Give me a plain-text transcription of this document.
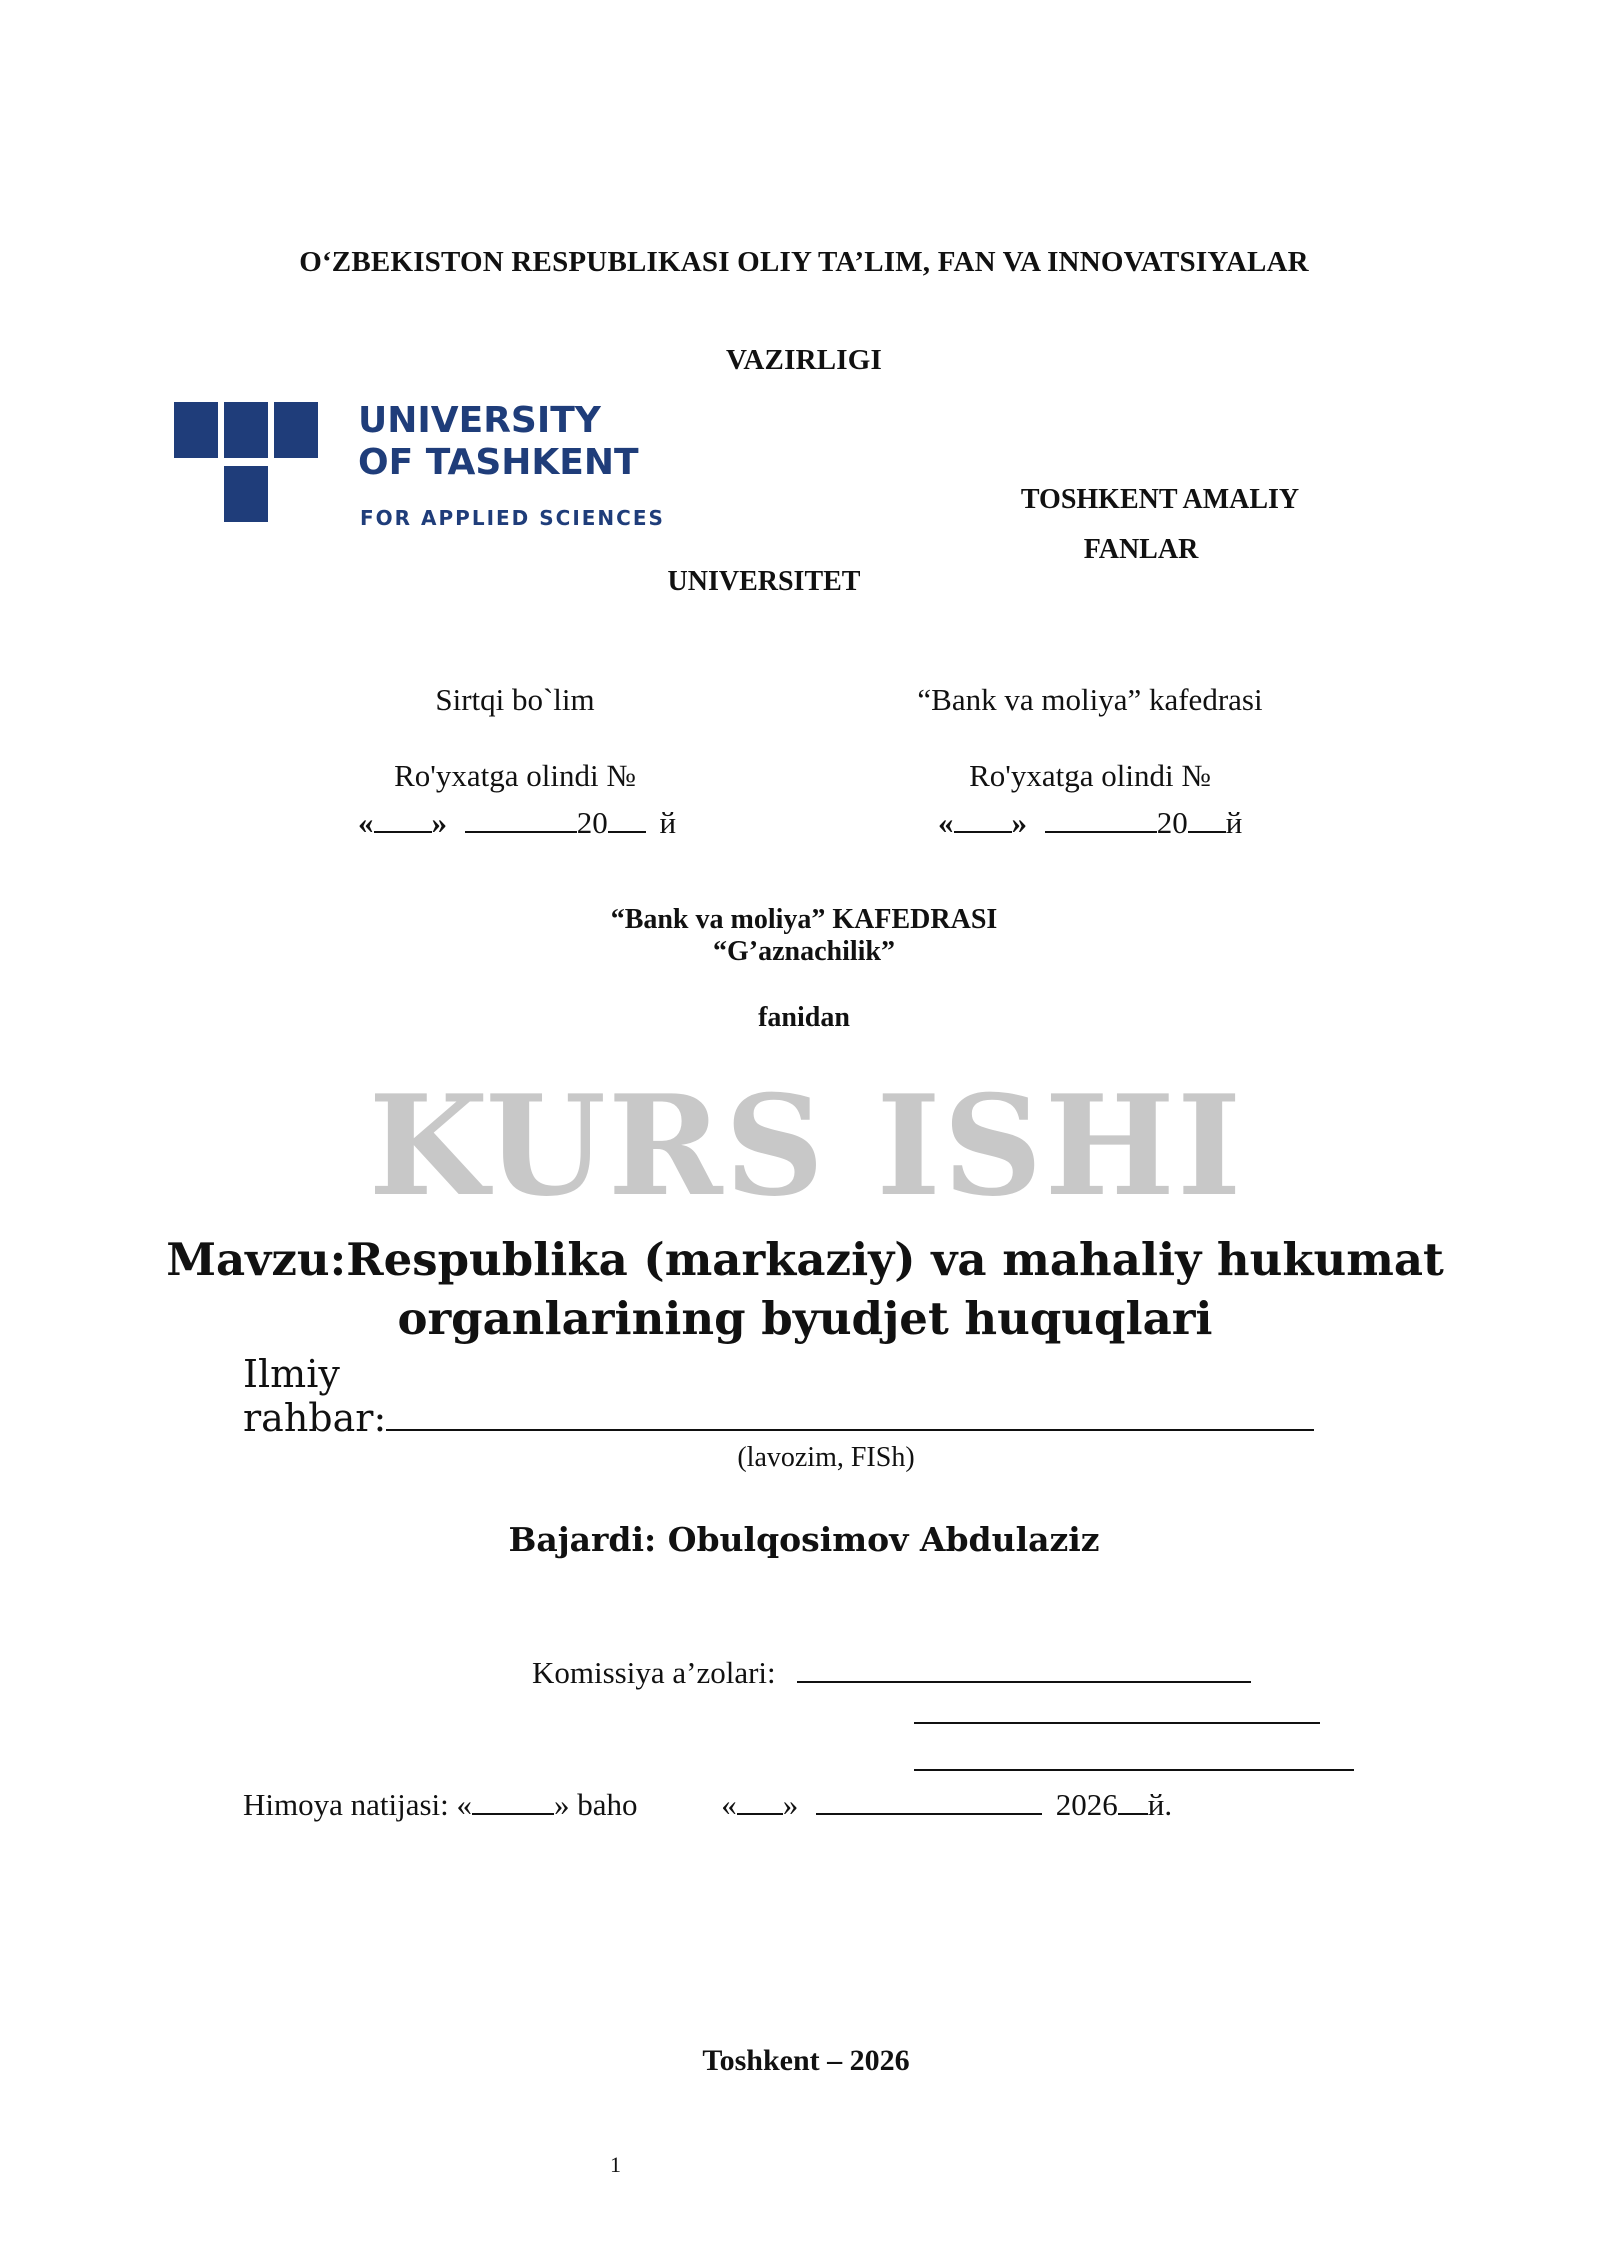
O‘ZBEKISTON RESPUBLIKASI OLIY TA’LIM, FAN VA INNOVATSIYALAR
VAZIRLIGI
UNIVERSITY
OF TASHKENT
FOR APPLIED SCIENCES
TOSHKENT AMALIY
FANLAR
UNIVERSITET
Sirtqi bo`lim
Ro'yxatga olindi №
« »	20 й
“Bank va moliya” kafedrasi
Ro'yxatga olindi №
« »	20 й
“Bank va moliya” KAFEDRASI
“G’aznachilik”
fanidan
KURS ISHI
Mavzu:Respublika (markaziy) va mahaliy hukumat organlarining byudjet huquqlari
Ilmiy
rahbar:
(lavozim, FISh)
Bajardi: Obulqosimov Abdulaziz
Komissiya a’zolari:
Himoya natijasi: «	» baho	« »	2026 й.
Toshkent – 2026
1
